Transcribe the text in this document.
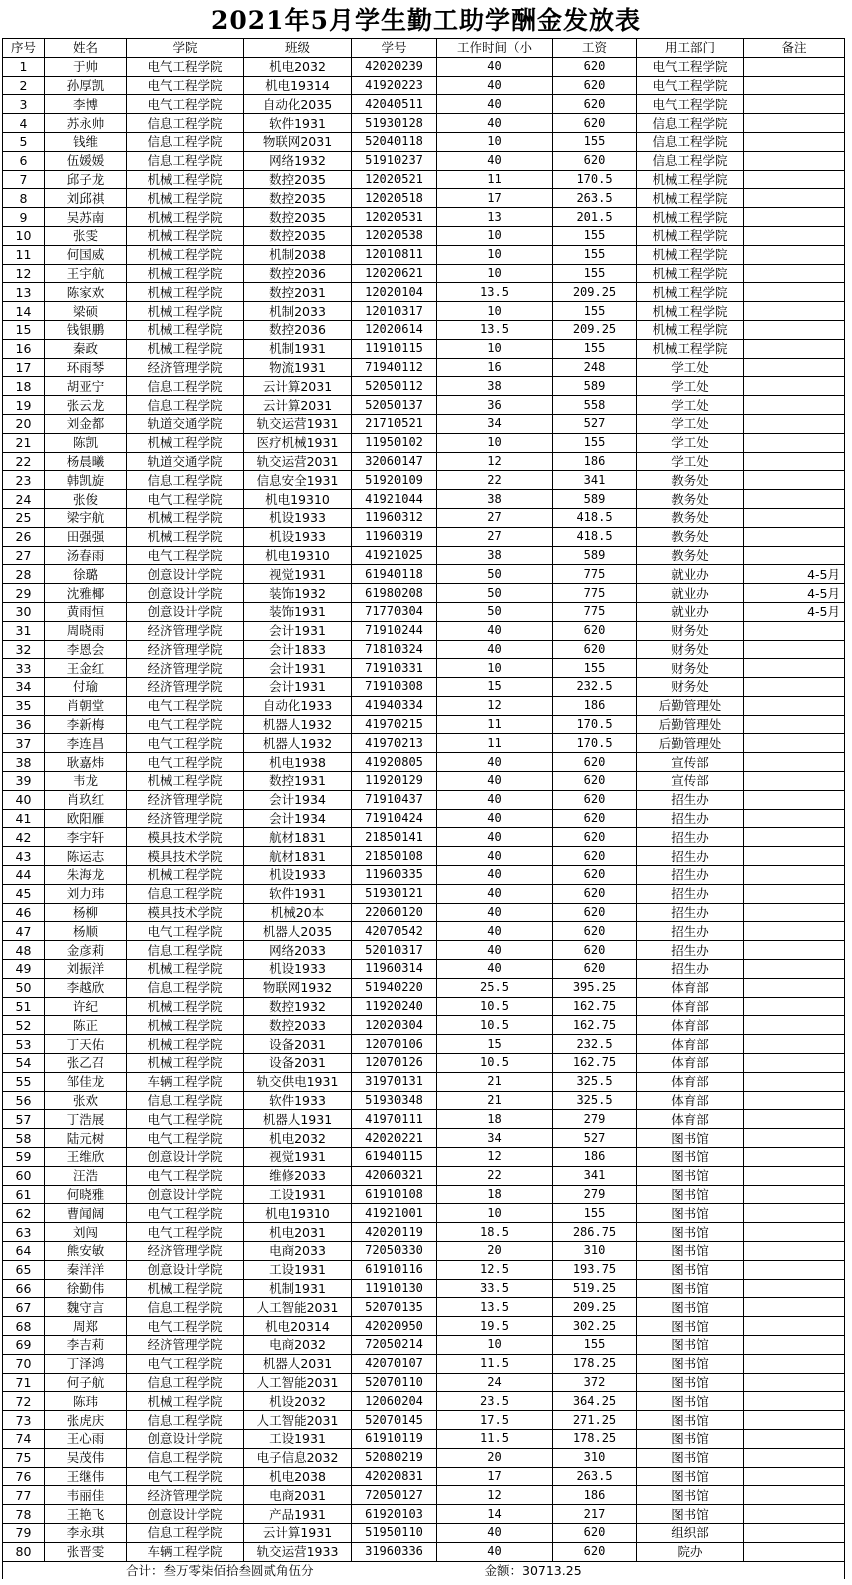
2021年5月学生勤工助学酬金发放表
序号	姓名	学院	班级	学号	工作时间（小	工资	用工部门	备注
1	于帅	电气工程学院	机电2032	42020239	40	620	电气工程学院	
2	孙厚凯	电气工程学院	机电19314	41920223	40	620	电气工程学院	
3	李博	电气工程学院	自动化2035	42040511	40	620	电气工程学院	
4	苏永帅	信息工程学院	软件1931	51930128	40	620	信息工程学院	
5	钱维	信息工程学院	物联网2031	52040118	10	155	信息工程学院	
6	伍媛媛	信息工程学院	网络1932	51910237	40	620	信息工程学院	
7	邱子龙	机械工程学院	数控2035	12020521	11	170.5	机械工程学院	
8	刘邱祺	机械工程学院	数控2035	12020518	17	263.5	机械工程学院	
9	吴苏南	机械工程学院	数控2035	12020531	13	201.5	机械工程学院	
10	张雯	机械工程学院	数控2035	12020538	10	155	机械工程学院	
11	何国威	机械工程学院	机制2038	12010811	10	155	机械工程学院	
12	王宇航	机械工程学院	数控2036	12020621	10	155	机械工程学院	
13	陈家欢	机械工程学院	数控2031	12020104	13.5	209.25	机械工程学院	
14	梁硕	机械工程学院	机制2033	12010317	10	155	机械工程学院	
15	钱银鹏	机械工程学院	数控2036	12020614	13.5	209.25	机械工程学院	
16	秦政	机械工程学院	机制1931	11910115	10	155	机械工程学院	
17	环雨琴	经济管理学院	物流1931	71940112	16	248	学工处	
18	胡亚宁	信息工程学院	云计算2031	52050112	38	589	学工处	
19	张云龙	信息工程学院	云计算2031	52050137	36	558	学工处	
20	刘金都	轨道交通学院	轨交运营1931	21710521	34	527	学工处	
21	陈凯	机械工程学院	医疗机械1931	11950102	10	155	学工处	
22	杨晨曦	轨道交通学院	轨交运营2031	32060147	12	186	学工处	
23	韩凯旋	信息工程学院	信息安全1931	51920109	22	341	教务处	
24	张俊	电气工程学院	机电19310	41921044	38	589	教务处	
25	梁宇航	机械工程学院	机设1933	11960312	27	418.5	教务处	
26	田强强	机械工程学院	机设1933	11960319	27	418.5	教务处	
27	汤春雨	电气工程学院	机电19310	41921025	38	589	教务处	
28	徐璐	创意设计学院	视觉1931	61940118	50	775	就业办	4-5月
29	沈雅椰	创意设计学院	装饰1932	61980208	50	775	就业办	4-5月
30	黄雨恒	创意设计学院	装饰1931	71770304	50	775	就业办	4-5月
31	周晓雨	经济管理学院	会计1931	71910244	40	620	财务处	
32	李恩会	经济管理学院	会计1833	71810324	40	620	财务处	
33	王金红	经济管理学院	会计1931	71910331	10	155	财务处	
34	付瑜	经济管理学院	会计1931	71910308	15	232.5	财务处	
35	肖朝堂	电气工程学院	自动化1933	41940334	12	186	后勤管理处	
36	李新梅	电气工程学院	机器人1932	41970215	11	170.5	后勤管理处	
37	李连昌	电气工程学院	机器人1932	41970213	11	170.5	后勤管理处	
38	耿嘉炜	电气工程学院	机电1938	41920805	40	620	宣传部	
39	韦龙	机械工程学院	数控1931	11920129	40	620	宣传部	
40	肖玖红	经济管理学院	会计1934	71910437	40	620	招生办	
41	欧阳雁	经济管理学院	会计1934	71910424	40	620	招生办	
42	李宇轩	模具技术学院	航材1831	21850141	40	620	招生办	
43	陈运志	模具技术学院	航材1831	21850108	40	620	招生办	
44	朱海龙	机械工程学院	机设1933	11960335	40	620	招生办	
45	刘力玮	信息工程学院	软件1931	51930121	40	620	招生办	
46	杨柳	模具技术学院	机械20本	22060120	40	620	招生办	
47	杨顺	电气工程学院	机器人2035	42070542	40	620	招生办	
48	金彦莉	信息工程学院	网络2033	52010317	40	620	招生办	
49	刘振洋	机械工程学院	机设1933	11960314	40	620	招生办	
50	李越欣	信息工程学院	物联网1932	51940220	25.5	395.25	体育部	
51	许纪	机械工程学院	数控1932	11920240	10.5	162.75	体育部	
52	陈正	机械工程学院	数控2033	12020304	10.5	162.75	体育部	
53	丁天佑	机械工程学院	设备2031	12070106	15	232.5	体育部	
54	张乙召	机械工程学院	设备2031	12070126	10.5	162.75	体育部	
55	邹佳龙	车辆工程学院	轨交供电1931	31970131	21	325.5	体育部	
56	张欢	信息工程学院	软件1933	51930348	21	325.5	体育部	
57	丁浩展	电气工程学院	机器人1931	41970111	18	279	体育部	
58	陆元树	电气工程学院	机电2032	42020221	34	527	图书馆	
59	王维欣	创意设计学院	视觉1931	61940115	12	186	图书馆	
60	汪浩	电气工程学院	维修2033	42060321	22	341	图书馆	
61	何晓雅	创意设计学院	工设1931	61910108	18	279	图书馆	
62	曹闻阔	电气工程学院	机电19310	41921001	10	155	图书馆	
63	刘闯	电气工程学院	机电2031	42020119	18.5	286.75	图书馆	
64	熊安敏	经济管理学院	电商2033	72050330	20	310	图书馆	
65	秦洋洋	创意设计学院	工设1931	61910116	12.5	193.75	图书馆	
66	徐勤伟	机械工程学院	机制1931	11910130	33.5	519.25	图书馆	
67	魏守言	信息工程学院	人工智能2031	52070135	13.5	209.25	图书馆	
68	周郑	电气工程学院	机电20314	42020950	19.5	302.25	图书馆	
69	李吉莉	经济管理学院	电商2032	72050214	10	155	图书馆	
70	丁泽鸿	电气工程学院	机器人2031	42070107	11.5	178.25	图书馆	
71	何子航	信息工程学院	人工智能2031	52070110	24	372	图书馆	
72	陈玮	机械工程学院	机设2032	12060204	23.5	364.25	图书馆	
73	张虎庆	信息工程学院	人工智能2031	52070145	17.5	271.25	图书馆	
74	王心雨	创意设计学院	工设1931	61910119	11.5	178.25	图书馆	
75	吴茂伟	信息工程学院	电子信息2032	52080219	20	310	图书馆	
76	王继伟	电气工程学院	机电2038	42020831	17	263.5	图书馆	
77	韦丽佳	经济管理学院	电商2031	72050127	12	186	图书馆	
78	王艳飞	创意设计学院	产品1931	61920103	14	217	图书馆	
79	李永琪	信息工程学院	云计算1931	51950110	40	620	组织部	
80	张晋雯	车辆工程学院	轨交运营1933	31960336	40	620	院办	
合计：叁万零柒佰拾叁圆贰角伍分					金额：30713.25			
